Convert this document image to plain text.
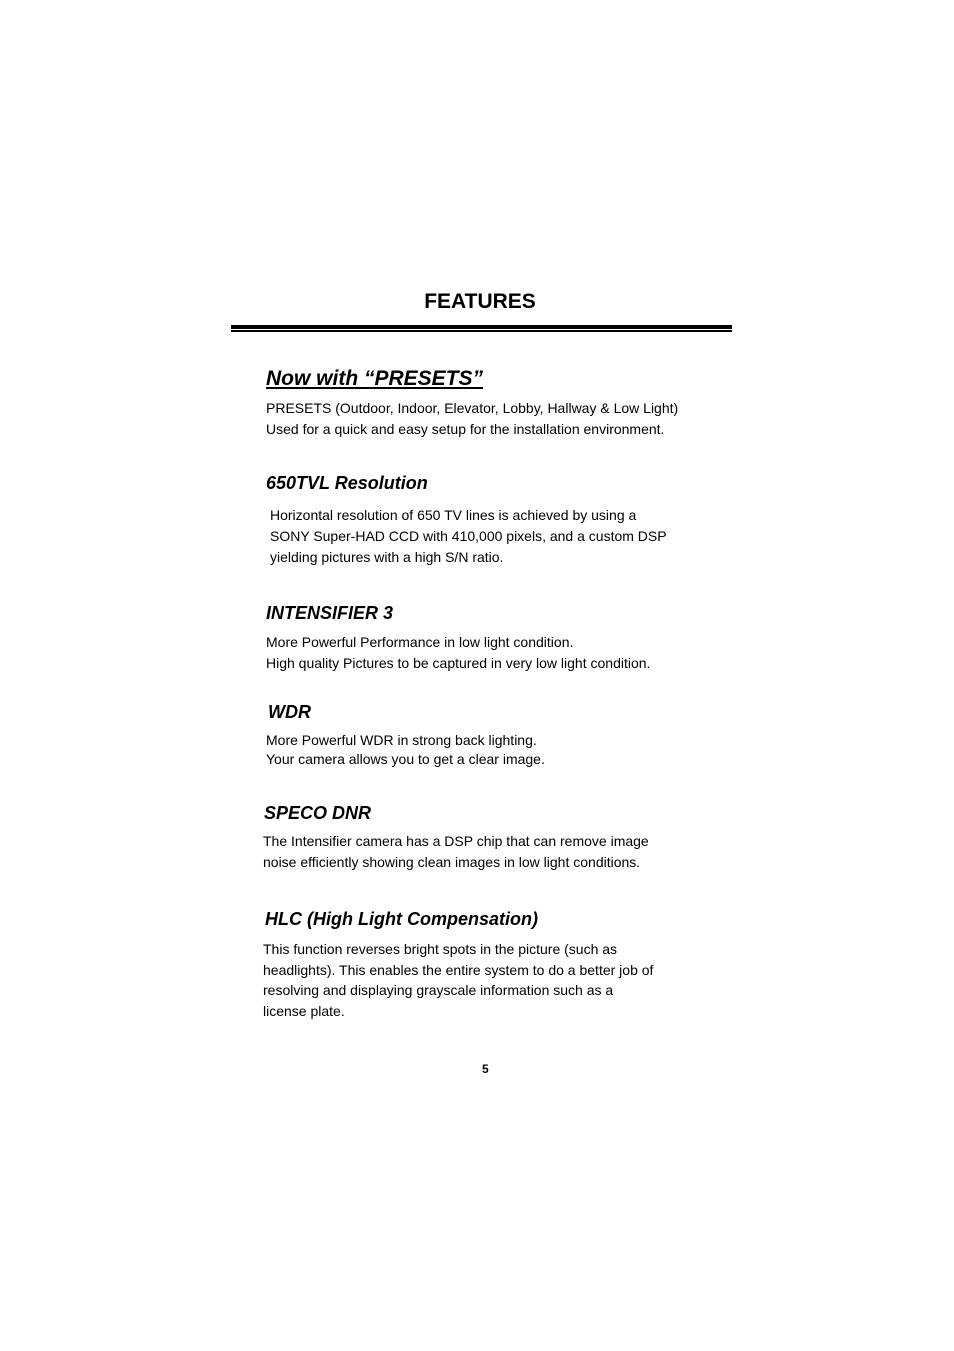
FEATURES
Now with “PRESETS”
PRESETS (Outdoor, Indoor, Elevator, Lobby, Hallway & Low Light)
Used for a quick and easy setup for the installation environment.
650TVL Resolution
Horizontal resolution of 650 TV lines is achieved by using a
SONY Super-HAD CCD with 410,000 pixels, and a custom DSP
yielding pictures with a high S/N ratio.
INTENSIFIER 3
More Powerful Performance in low light condition.
High quality Pictures to be captured in very low light condition.
WDR
More Powerful WDR in strong back lighting.
Your camera allows you to get a clear image.
SPECO DNR
The Intensifier camera has a DSP chip that can remove image
noise efficiently showing clean images in low light conditions.
HLC (High Light Compensation)
This function reverses bright spots in the picture (such as
headlights). This enables the entire system to do a better job of
resolving and displaying grayscale information such as a
license plate.
5
